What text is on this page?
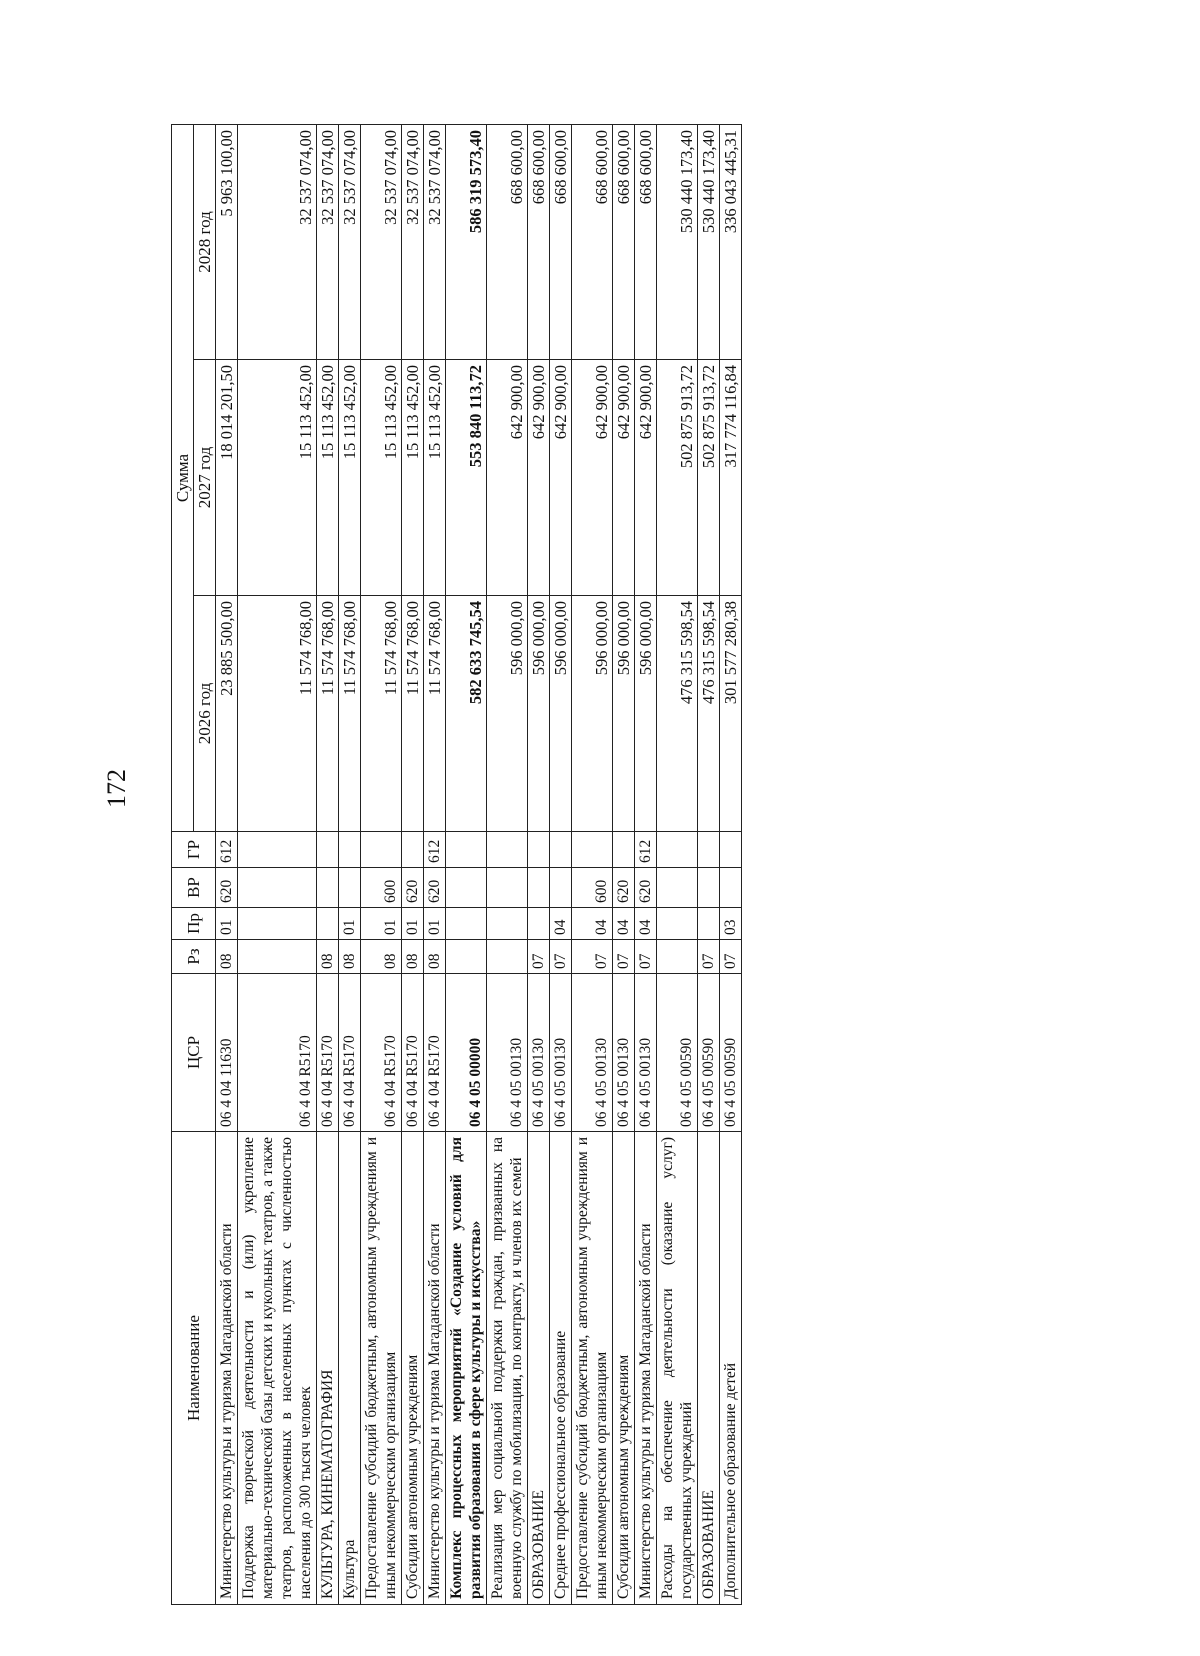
172
Наименование	ЦСР	Рз	Пр	ВР	ГР	Сумма		
						2026 год	2027 год	2028 год
Министерство культуры и туризма Магаданской области	06 4 04 11630	08	01	620	612	23 885 500,00	18 014 201,50	5 963 100,00
Поддержка творческой деятельности и (или) укрепление материально-технической базы детских и кукольных театров, а также театров, расположенных в населенных пунктах с численностью населения до 300 тысяч человек	06 4 04 R5170					11 574 768,00	15 113 452,00	32 537 074,00
КУЛЬТУРА, КИНЕМАТОГРАФИЯ	06 4 04 R5170	08				11 574 768,00	15 113 452,00	32 537 074,00
Культура	06 4 04 R5170	08	01			11 574 768,00	15 113 452,00	32 537 074,00
Предоставление субсидий бюджетным, автономным учреждениям и иным некоммерческим организациям	06 4 04 R5170	08	01	600		11 574 768,00	15 113 452,00	32 537 074,00
Субсидии автономным учреждениям	06 4 04 R5170	08	01	620		11 574 768,00	15 113 452,00	32 537 074,00
Министерство культуры и туризма Магаданской области	06 4 04 R5170	08	01	620	612	11 574 768,00	15 113 452,00	32 537 074,00
Комплекс процессных мероприятий «Создание условий для развития образования в сфере культуры и искусства»	06 4 05 00000					582 633 745,54	553 840 113,72	586 319 573,40
Реализация мер социальной поддержки граждан, призванных на военную службу по мобилизации, по контракту, и членов их семей	06 4 05 00130					596 000,00	642 900,00	668 600,00
ОБРАЗОВАНИЕ	06 4 05 00130	07				596 000,00	642 900,00	668 600,00
Среднее профессиональное образование	06 4 05 00130	07	04			596 000,00	642 900,00	668 600,00
Предоставление субсидий бюджетным, автономным учреждениям и иным некоммерческим организациям	06 4 05 00130	07	04	600		596 000,00	642 900,00	668 600,00
Субсидии автономным учреждениям	06 4 05 00130	07	04	620		596 000,00	642 900,00	668 600,00
Министерство культуры и туризма Магаданской области	06 4 05 00130	07	04	620	612	596 000,00	642 900,00	668 600,00
Расходы на обеспечение деятельности (оказание услуг) государственных учреждений	06 4 05 00590					476 315 598,54	502 875 913,72	530 440 173,40
ОБРАЗОВАНИЕ	06 4 05 00590	07				476 315 598,54	502 875 913,72	530 440 173,40
Дополнительное образование детей	06 4 05 00590	07	03			301 577 280,38	317 774 116,84	336 043 445,31
